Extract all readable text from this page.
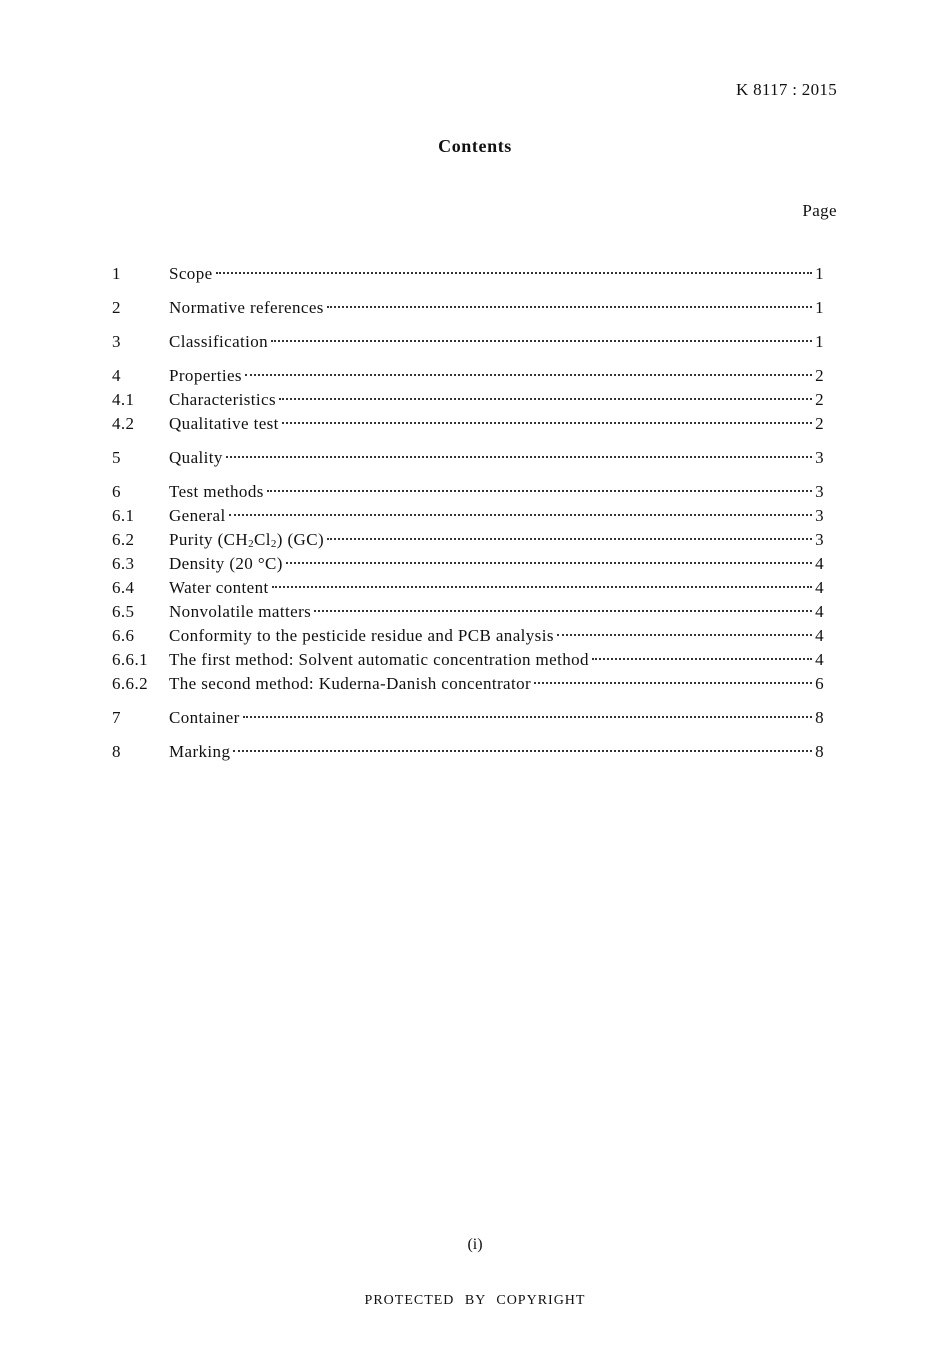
K 8117 : 2015
Contents
Page
1	Scope	1
2	Normative references	1
3	Classification	1
4	Properties	2
4.1	Characteristics	2
4.2	Qualitative test	2
5	Quality	3
6	Test methods	3
6.1	General	3
6.2	Purity (CH2Cl2) (GC)	3
6.3	Density (20 °C)	4
6.4	Water content	4
6.5	Nonvolatile matters	4
6.6	Conformity to the pesticide residue and PCB analysis	4
6.6.1	The first method: Solvent automatic concentration method	4
6.6.2	The second method: Kuderna-Danish concentrator	6
7	Container	8
8	Marking	8
(i)
PROTECTED BY COPYRIGHT
